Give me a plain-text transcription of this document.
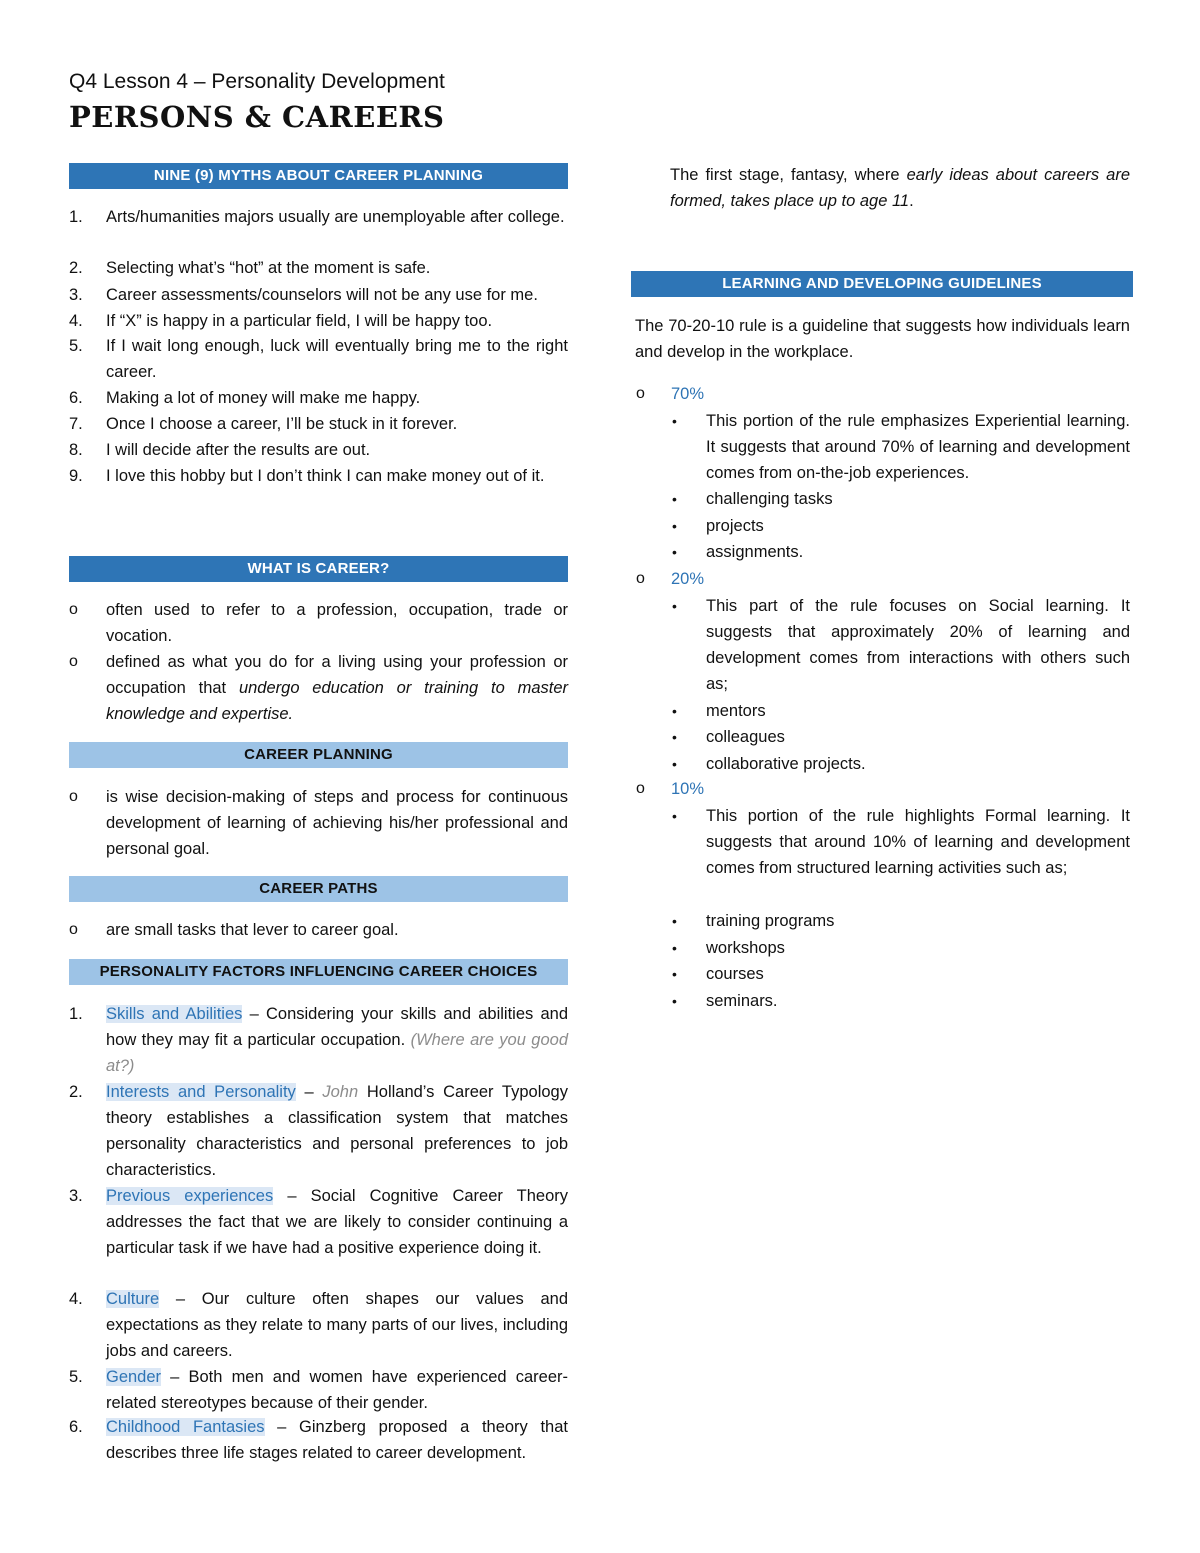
Q4 Lesson 4 – Personality Development
PERSONS & CAREERS
NINE (9) MYTHS ABOUT CAREER PLANNING
1.	Arts/humanities majors usually are unemployable after college.
2.	Selecting what’s “hot” at the moment is safe.
3.	Career assessments/counselors will not be any use for me.
4.	If “X” is happy in a particular field, I will be happy too.
5.	If I wait long enough, luck will eventually bring me to the right career.
6.	Making a lot of money will make me happy.
7.	Once I choose a career, I’ll be stuck in it forever.
8.	I will decide after the results are out.
9.	I love this hobby but I don’t think I can make money out of it.
WHAT IS CAREER?
o	often used to refer to a profession, occupation, trade or vocation.
o	defined as what you do for a living using your profession or occupation that undergo education or training to master knowledge and expertise.
CAREER PLANNING
o	is wise decision-making of steps and process for continuous development of learning of achieving his/her professional and personal goal.
CAREER PATHS
o	are small tasks that lever to career goal.
PERSONALITY FACTORS INFLUENCING CAREER CHOICES
1.	Skills and Abilities – Considering your skills and abilities and how they may fit a particular occupation. (Where are you good at?)
2.	Interests and Personality – John Holland’s Career Typology theory establishes a classification system that matches personality characteristics and personal preferences to job characteristics.
3.	Previous experiences – Social Cognitive Career Theory addresses the fact that we are likely to consider continuing a particular task if we have had a positive experience doing it.
4.	Culture – Our culture often shapes our values and expectations as they relate to many parts of our lives, including jobs and careers.
5.	Gender – Both men and women have experienced career-related stereotypes because of their gender.
6.	Childhood Fantasies – Ginzberg proposed a theory that describes three life stages related to career development.
The first stage, fantasy, where early ideas about careers are formed, takes place up to age 11.
LEARNING AND DEVELOPING GUIDELINES
The 70-20-10 rule is a guideline that suggests how individuals learn and develop in the workplace.
o	70%
•	This portion of the rule emphasizes Experiential learning. It suggests that around 70% of learning and development comes from on-the-job experiences.
•	challenging tasks
•	projects
•	assignments.
o	20%
•	This part of the rule focuses on Social learning. It suggests that approximately 20% of learning and development comes from interactions with others such as;
•	mentors
•	colleagues
•	collaborative projects.
o	10%
•	This portion of the rule highlights Formal learning. It suggests that around 10% of learning and development comes from structured learning activities such as;
•	training programs
•	workshops
•	courses
•	seminars.
